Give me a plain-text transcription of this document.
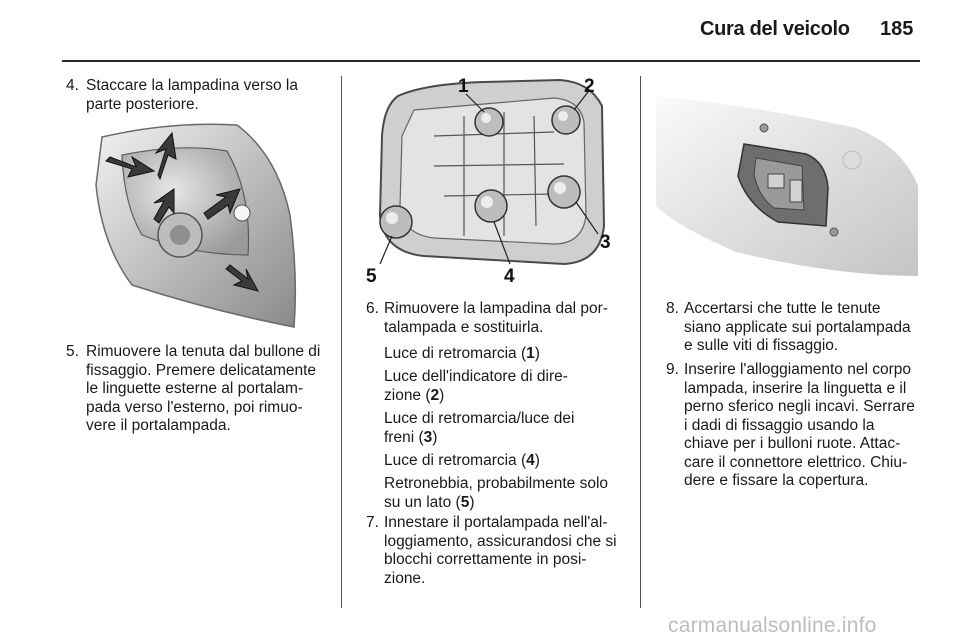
Cura del veicolo 185
4. Staccare la lampadina verso la
parte posteriore.
5. Rimuovere la tenuta dal bullone di
fissaggio. Premere delicatamente
le linguette esterne al portalam-
pada verso l'esterno, poi rimuo-
vere il portalampada.
1	2
3
4
5
6. Rimuovere la lampadina dal por-
talampada e sostituirla.
Luce di retromarcia (1)
Luce dell'indicatore di dire-
zione (2)
Luce di retromarcia/luce dei
freni (3)
Luce di retromarcia (4)
Retronebbia, probabilmente solo
su un lato (5)
7. Innestare il portalampada nell'al-
loggiamento, assicurandosi che si
blocchi correttamente in posi-
zione.
8. Accertarsi che tutte le tenute
siano applicate sui portalampada
e sulle viti di fissaggio.
9. Inserire l'alloggiamento nel corpo
lampada, inserire la linguetta e il
perno sferico negli incavi. Serrare
i dadi di fissaggio usando la
chiave per i bulloni ruote. Attac-
care il connettore elettrico. Chiu-
dere e fissare la copertura.
carmanualsonline.info
